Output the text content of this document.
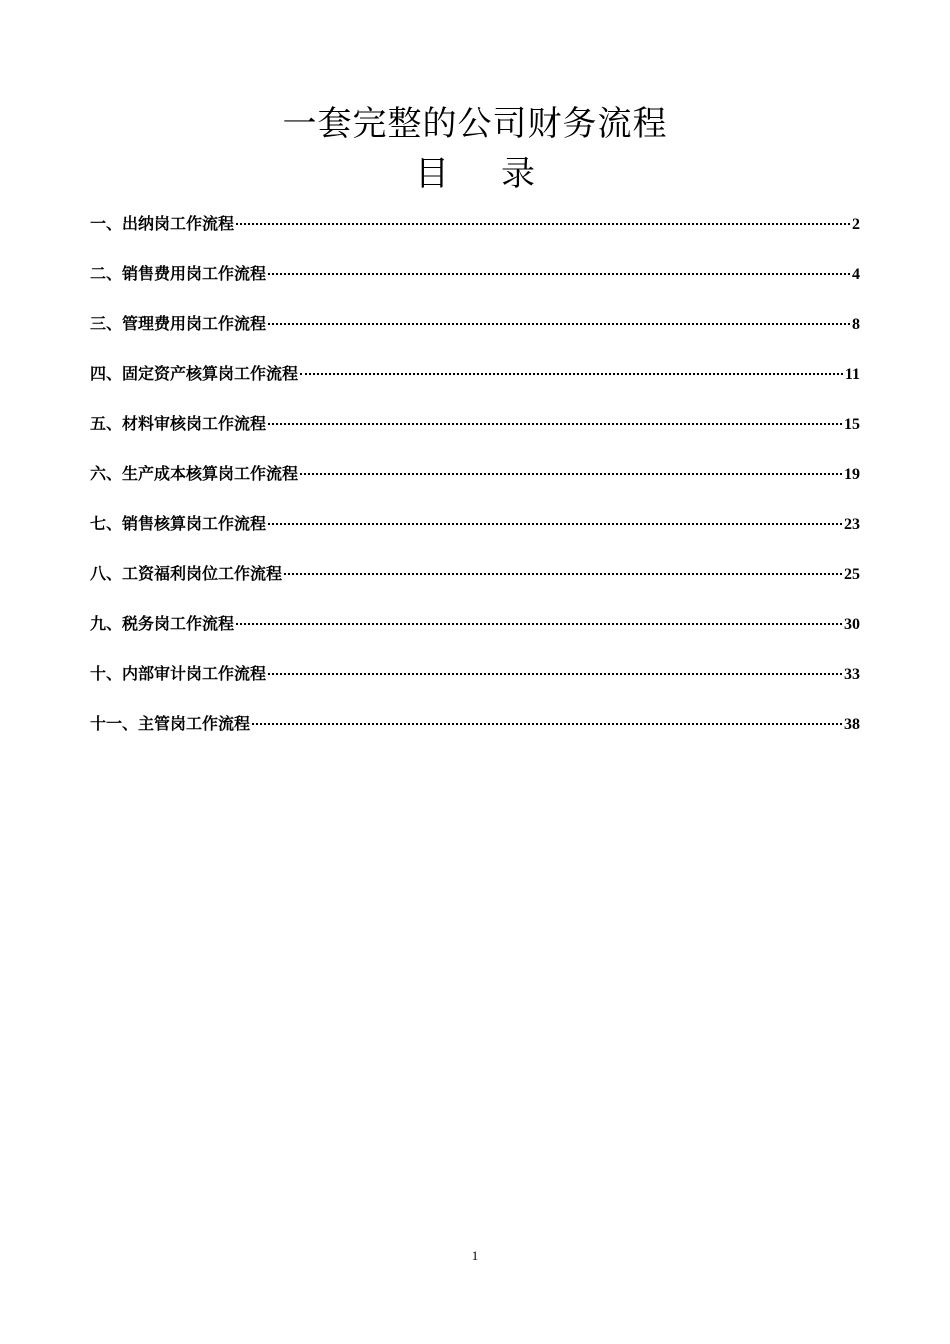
一套完整的公司财务流程
目录
一、出纳岗工作流程	2
二、销售费用岗工作流程	4
三、管理费用岗工作流程	8
四、固定资产核算岗工作流程	11
五、材料审核岗工作流程	15
六、生产成本核算岗工作流程	19
七、销售核算岗工作流程	23
八、工资福利岗位工作流程	25
九、税务岗工作流程	30
十、内部审计岗工作流程	33
十一、主管岗工作流程	38
1
